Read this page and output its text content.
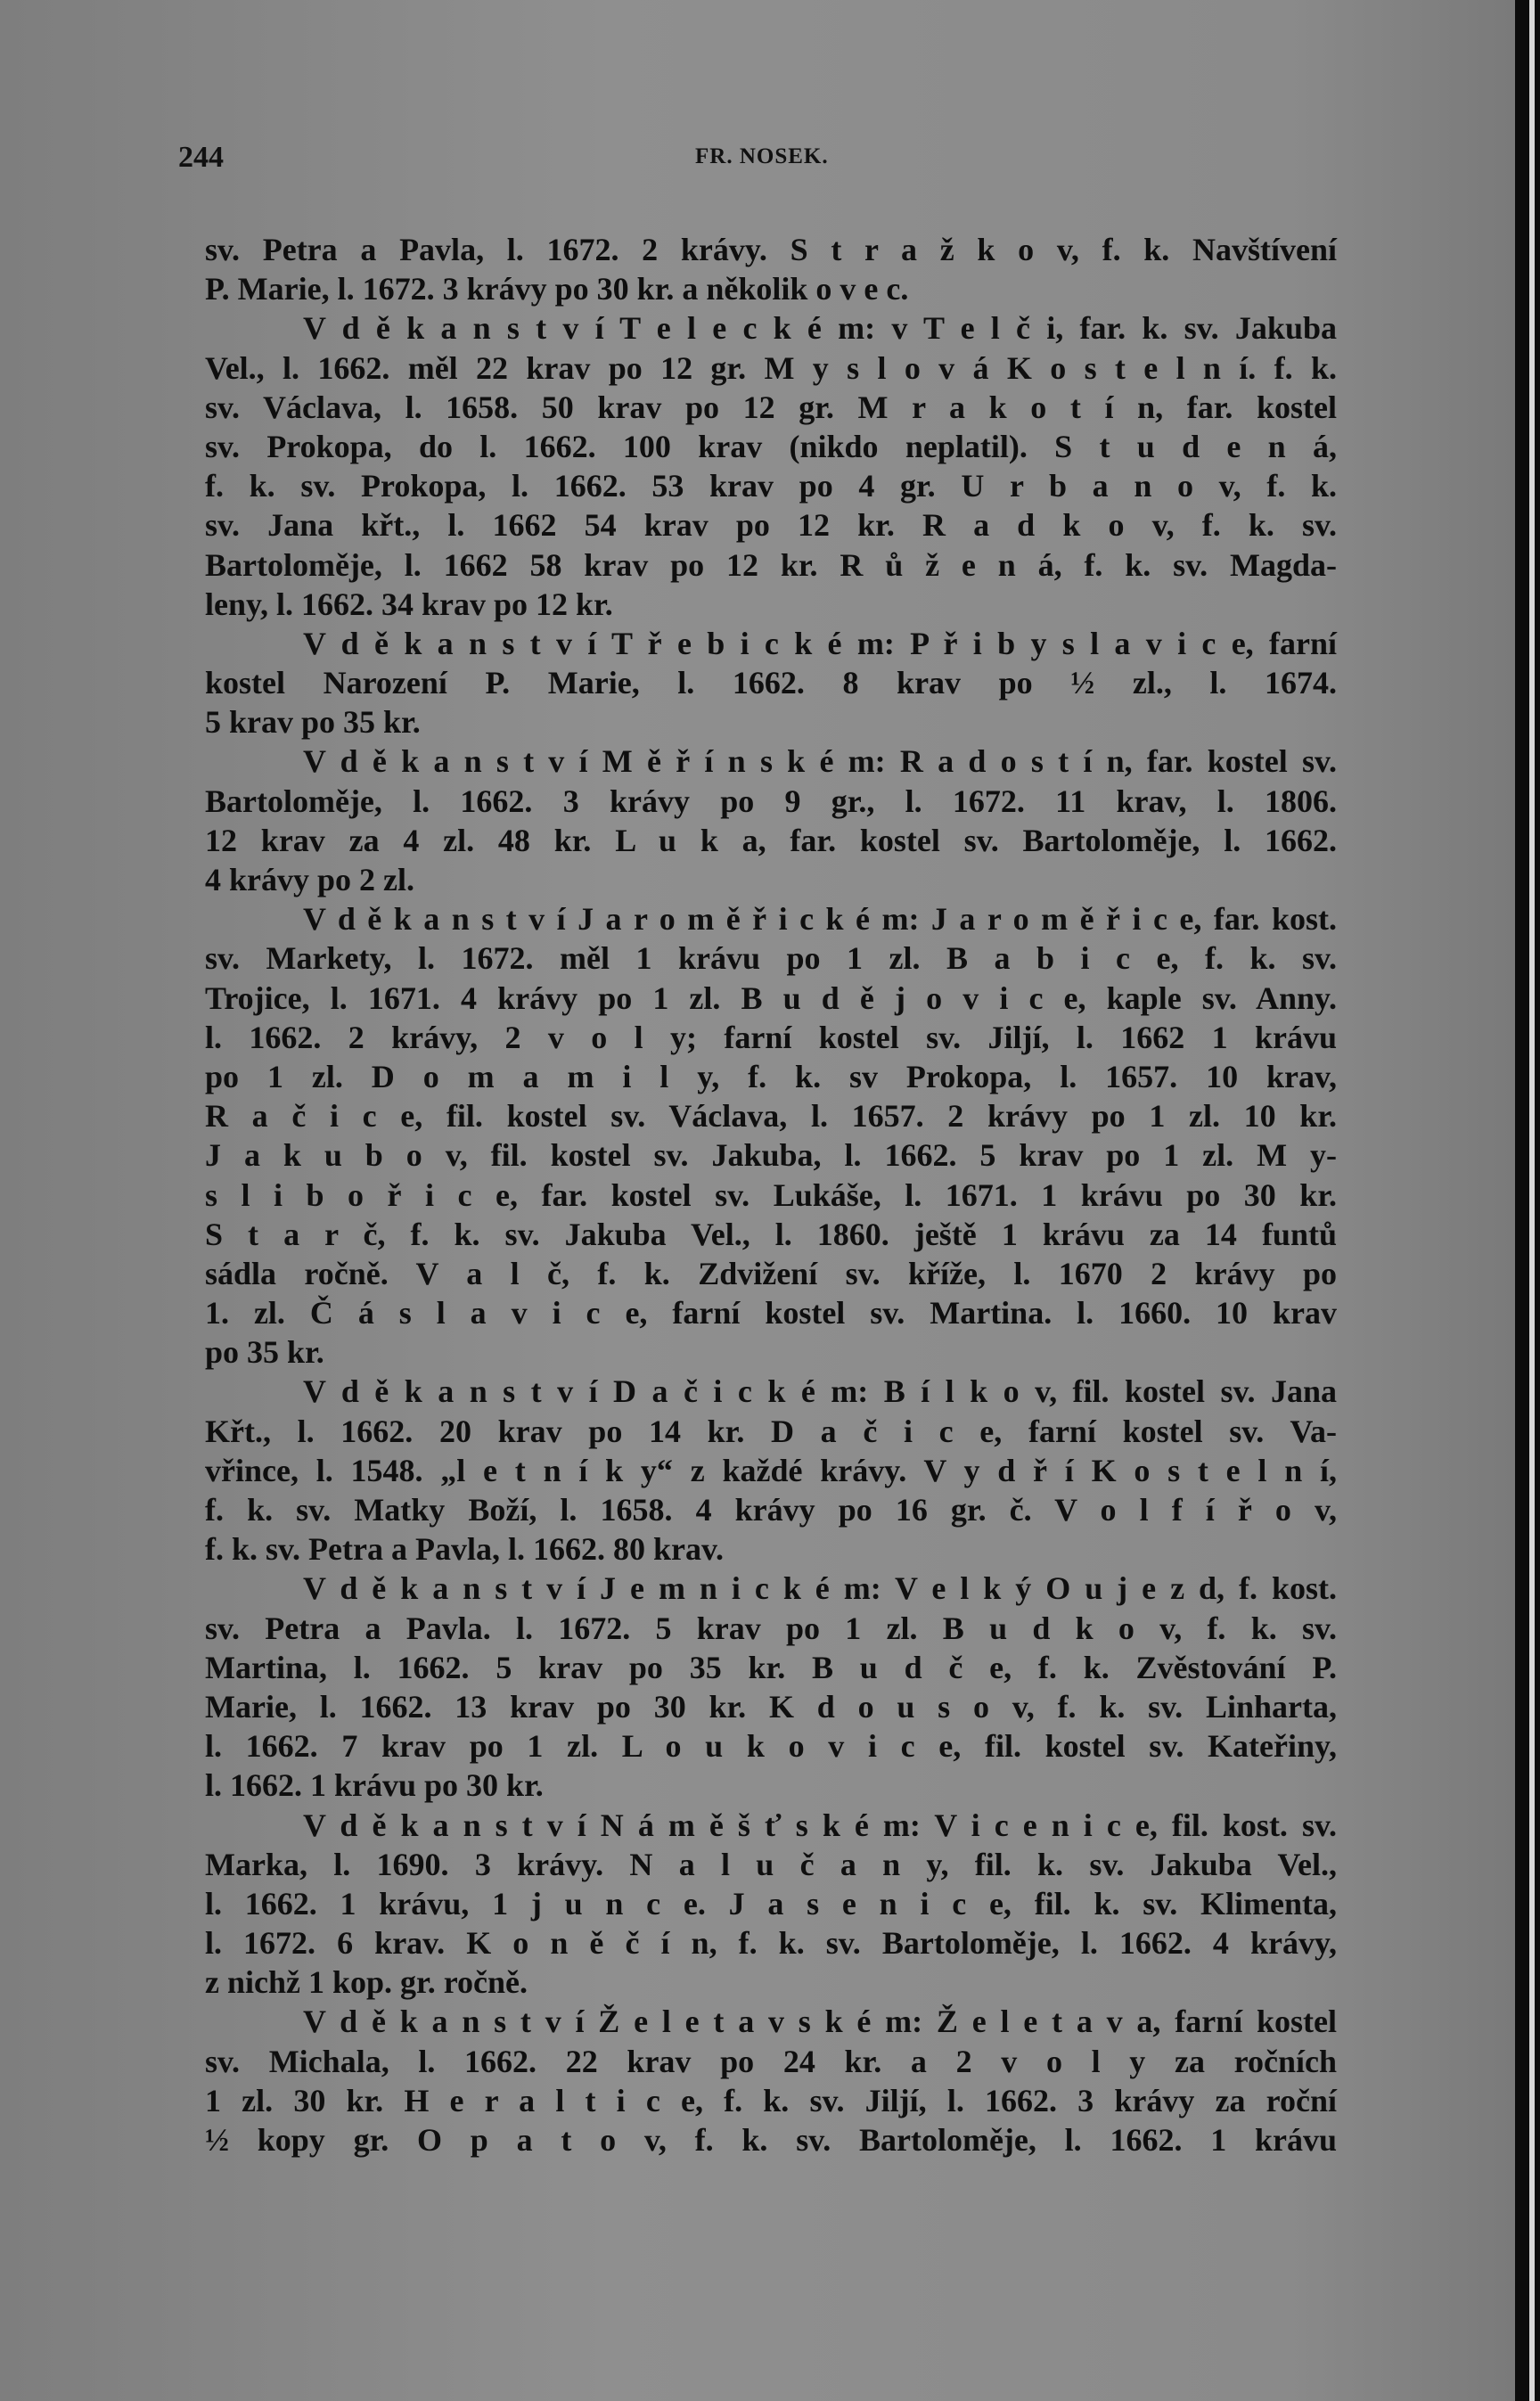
244	FR. NOSEK.
sv. Petra a Pavla, l. 1672. 2 krávy. S t r a ž k o v, f. k. Navštívení
P. Marie, l. 1672. 3 krávy po 30 kr. a několik o v e c.
V d ě k a n s t v í T e l e c k é m: v T e l č i, far. k. sv. Jakuba
Vel., l. 1662. měl 22 krav po 12 gr. M y s l o v á K o s t e l n í. f. k.
sv. Václava, l. 1658. 50 krav po 12 gr. M r a k o t í n, far. kostel
sv. Prokopa, do l. 1662. 100 krav (nikdo neplatil). S t u d e n á,
f. k. sv. Prokopa, l. 1662. 53 krav po 4 gr. U r b a n o v, f. k.
sv. Jana křt., l. 1662 54 krav po 12 kr. R a d k o v, f. k. sv.
Bartoloměje, l. 1662 58 krav po 12 kr. R ů ž e n á, f. k. sv. Magda-
leny, l. 1662. 34 krav po 12 kr.
V d ě k a n s t v í T ř e b i c k é m: P ř i b y s l a v i c e, farní
kostel Narození P. Marie, l. 1662. 8 krav po ½ zl., l. 1674.
5 krav po 35 kr.
V d ě k a n s t v í M ě ř í n s k é m: R a d o s t í n, far. kostel sv.
Bartoloměje, l. 1662. 3 krávy po 9 gr., l. 1672. 11 krav, l. 1806.
12 krav za 4 zl. 48 kr. L u k a, far. kostel sv. Bartoloměje, l. 1662.
4 krávy po 2 zl.
V d ě k a n s t v í J a r o m ě ř i c k é m: J a r o m ě ř i c e, far. kost.
sv. Markety, l. 1672. měl 1 krávu po 1 zl. B a b i c e, f. k. sv.
Trojice, l. 1671. 4 krávy po 1 zl. B u d ě j o v i c e, kaple sv. Anny.
l. 1662. 2 krávy, 2 v o l y; farní kostel sv. Jiljí, l. 1662 1 krávu
po 1 zl. D o m a m i l y, f. k. sv Prokopa, l. 1657. 10 krav,
R a č i c e, fil. kostel sv. Václava, l. 1657. 2 krávy po 1 zl. 10 kr.
J a k u b o v, fil. kostel sv. Jakuba, l. 1662. 5 krav po 1 zl. M y-
s l i b o ř i c e, far. kostel sv. Lukáše, l. 1671. 1 krávu po 30 kr.
S t a r č, f. k. sv. Jakuba Vel., l. 1860. ještě 1 krávu za 14 funtů
sádla ročně. V a l č, f. k. Zdvižení sv. kříže, l. 1670 2 krávy po
1. zl. Č á s l a v i c e, farní kostel sv. Martina. l. 1660. 10 krav
po 35 kr.
V d ě k a n s t v í D a č i c k é m: B í l k o v, fil. kostel sv. Jana
Křt., l. 1662. 20 krav po 14 kr. D a č i c e, farní kostel sv. Va-
vřince, l. 1548. „l e t n í k y“ z každé krávy. V y d ř í K o s t e l n í,
f. k. sv. Matky Boží, l. 1658. 4 krávy po 16 gr. č. V o l f í ř o v,
f. k. sv. Petra a Pavla, l. 1662. 80 krav.
V d ě k a n s t v í J e m n i c k é m: V e l k ý O u j e z d, f. kost.
sv. Petra a Pavla. l. 1672. 5 krav po 1 zl. B u d k o v, f. k. sv.
Martina, l. 1662. 5 krav po 35 kr. B u d č e, f. k. Zvěstování P.
Marie, l. 1662. 13 krav po 30 kr. K d o u s o v, f. k. sv. Linharta,
l. 1662. 7 krav po 1 zl. L o u k o v i c e, fil. kostel sv. Kateřiny,
l. 1662. 1 krávu po 30 kr.
V d ě k a n s t v í N á m ě š ť s k é m: V i c e n i c e, fil. kost. sv.
Marka, l. 1690. 3 krávy. N a l u č a n y, fil. k. sv. Jakuba Vel.,
l. 1662. 1 krávu, 1 j u n c e. J a s e n i c e, fil. k. sv. Klimenta,
l. 1672. 6 krav. K o n ě č í n, f. k. sv. Bartoloměje, l. 1662. 4 krávy,
z nichž 1 kop. gr. ročně.
V d ě k a n s t v í Ž e l e t a v s k é m: Ž e l e t a v a, farní kostel
sv. Michala, l. 1662. 22 krav po 24 kr. a 2 v o l y za ročních
1 zl. 30 kr. H e r a l t i c e, f. k. sv. Jiljí, l. 1662. 3 krávy za roční
½ kopy gr. O p a t o v, f. k. sv. Bartoloměje, l. 1662. 1 krávu
